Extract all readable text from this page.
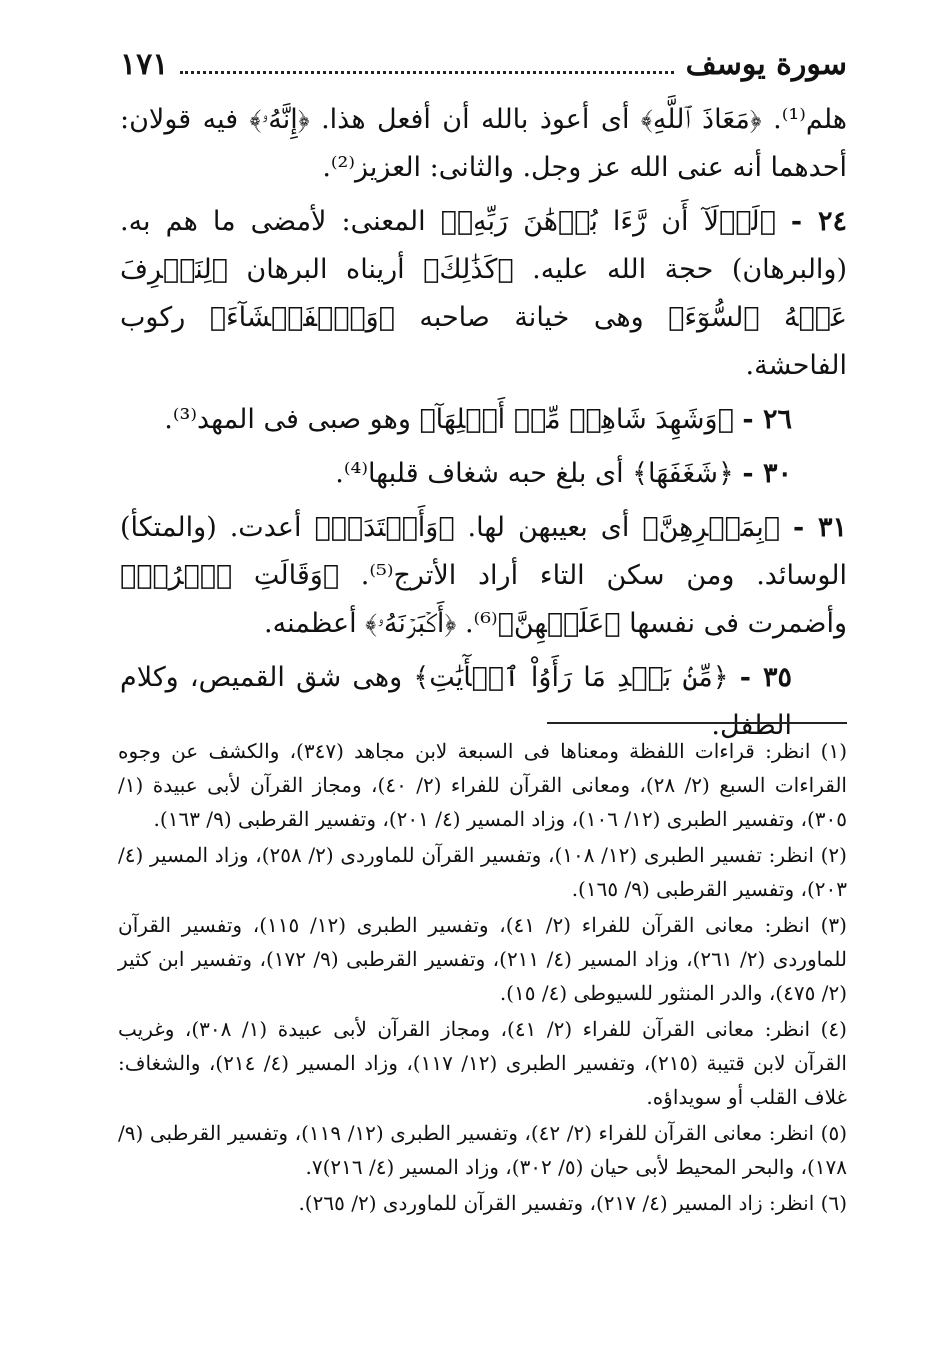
سورة يوسف
١٧١

هلم⁽¹⁾. ﴿مَعَاذَ ٱللَّهِ﴾ أى أعوذ بالله أن أفعل هذا. ﴿إِنَّهُۥ﴾ فيه قولان: أحدهما أنه عنى الله عز وجل. والثانى: العزيز⁽²⁾.

٢٤ - ﴿لَوۡلَآ أَن رَّءَا بُرۡهَٰنَ رَبِّهِۦ﴾ المعنى: لأمضى ما هم به. (والبرهان) حجة الله عليه. ﴿كَذَٰلِكَ﴾ أريناه البرهان ﴿لِنَصۡرِفَ عَنۡهُ ٱلسُّوٓءَ﴾ وهى خيانة صاحبه ﴿وَٱلۡفَحۡشَآءَ﴾ ركوب الفاحشة.

٢٦ - ﴿وَشَهِدَ شَاهِدٞ مِّنۡ أَهۡلِهَآ﴾ وهو صبى فى المهد⁽³⁾.

٣٠ - ﴿شَغَفَهَا﴾ أى بلغ حبه شغاف قلبها⁽⁴⁾.

٣١ - ﴿بِمَكۡرِهِنَّ﴾ أى بعيبهن لها. ﴿وَأَعۡتَدَتۡ﴾ أعدت. (والمتكأ) الوسائد. ومن سكن التاء أراد الأترج⁽⁵⁾. ﴿وَقَالَتِ ٱخۡرُجۡ﴾ وأضمرت فى نفسها ﴿عَلَيۡهِنَّ﴾⁽⁶⁾. ﴿أَكۡبَرۡنَهُۥ﴾ أعظمنه.

٣٥ - ﴿مِّنۢ بَعۡدِ مَا رَأَوُاْ ٱلۡأٓيَٰتِ﴾ وهى شق القميص، وكلام الطفل.

(١) انظر: قراءات اللفظة ومعناها فى السبعة لابن مجاهد (٣٤٧)، والكشف عن وجوه القراءات السبع (٢/ ٢٨)، ومعانى القرآن للفراء (٢/ ٤٠)، ومجاز القرآن لأبى عبيدة (١/ ٣٠٥)، وتفسير الطبرى (١٢/ ١٠٦)، وزاد المسير (٤/ ٢٠١)، وتفسير القرطبى (٩/ ١٦٣).

(٢) انظر: تفسير الطبرى (١٢/ ١٠٨)، وتفسير القرآن للماوردى (٢/ ٢٥٨)، وزاد المسير (٤/ ٢٠٣)، وتفسير القرطبى (٩/ ١٦٥).

(٣) انظر: معانى القرآن للفراء (٢/ ٤١)، وتفسير الطبرى (١٢/ ١١٥)، وتفسير القرآن للماوردى (٢/ ٢٦١)، وزاد المسير (٤/ ٢١١)، وتفسير القرطبى (٩/ ١٧٢)، وتفسير ابن كثير (٢/ ٤٧٥)، والدر المنثور للسيوطى (٤/ ١٥).

(٤) انظر: معانى القرآن للفراء (٢/ ٤١)، ومجاز القرآن لأبى عبيدة (١/ ٣٠٨)، وغريب القرآن لابن قتيبة (٢١٥)، وتفسير الطبرى (١٢/ ١١٧)، وزاد المسير (٤/ ٢١٤)، والشغاف: غلاف القلب أو سويداؤه.

(٥) انظر: معانى القرآن للفراء (٢/ ٤٢)، وتفسير الطبرى (١٢/ ١١٩)، وتفسير القرطبى (٩/ ١٧٨)، والبحر المحيط لأبى حيان (٥/ ٣٠٢)، وزاد المسير (٤/ ٢١٦)٧.

(٦) انظر: زاد المسير (٤/ ٢١٧)، وتفسير القرآن للماوردى (٢/ ٢٦٥).
